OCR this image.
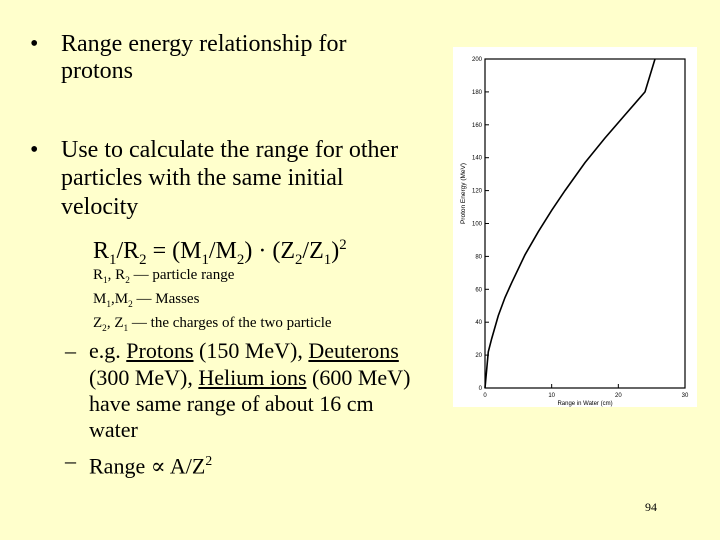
• Range energy relationship for
protons
• Use to calculate the range for other
particles with the same initial
velocity
$R_1/R_2 = (M_1/M_2) \cdot (Z_2/Z_1)^2$
$R_1$, $R_2$ — particle range
$M_1,M_2$ — Masses
$Z_2$, $Z_1$ — the charges of the two particle
– e.g. Protons (150 MeV), Deuterons
(300 MeV), Helium ions (600 MeV)
have same range of about 16 cm
water
– Range ∝ $A/Z^2$
94
0
20
40
60
80
100
120
140
160
180
200
0	10	20	30
Range in Water (cm)
Proton Energy (MeV)
